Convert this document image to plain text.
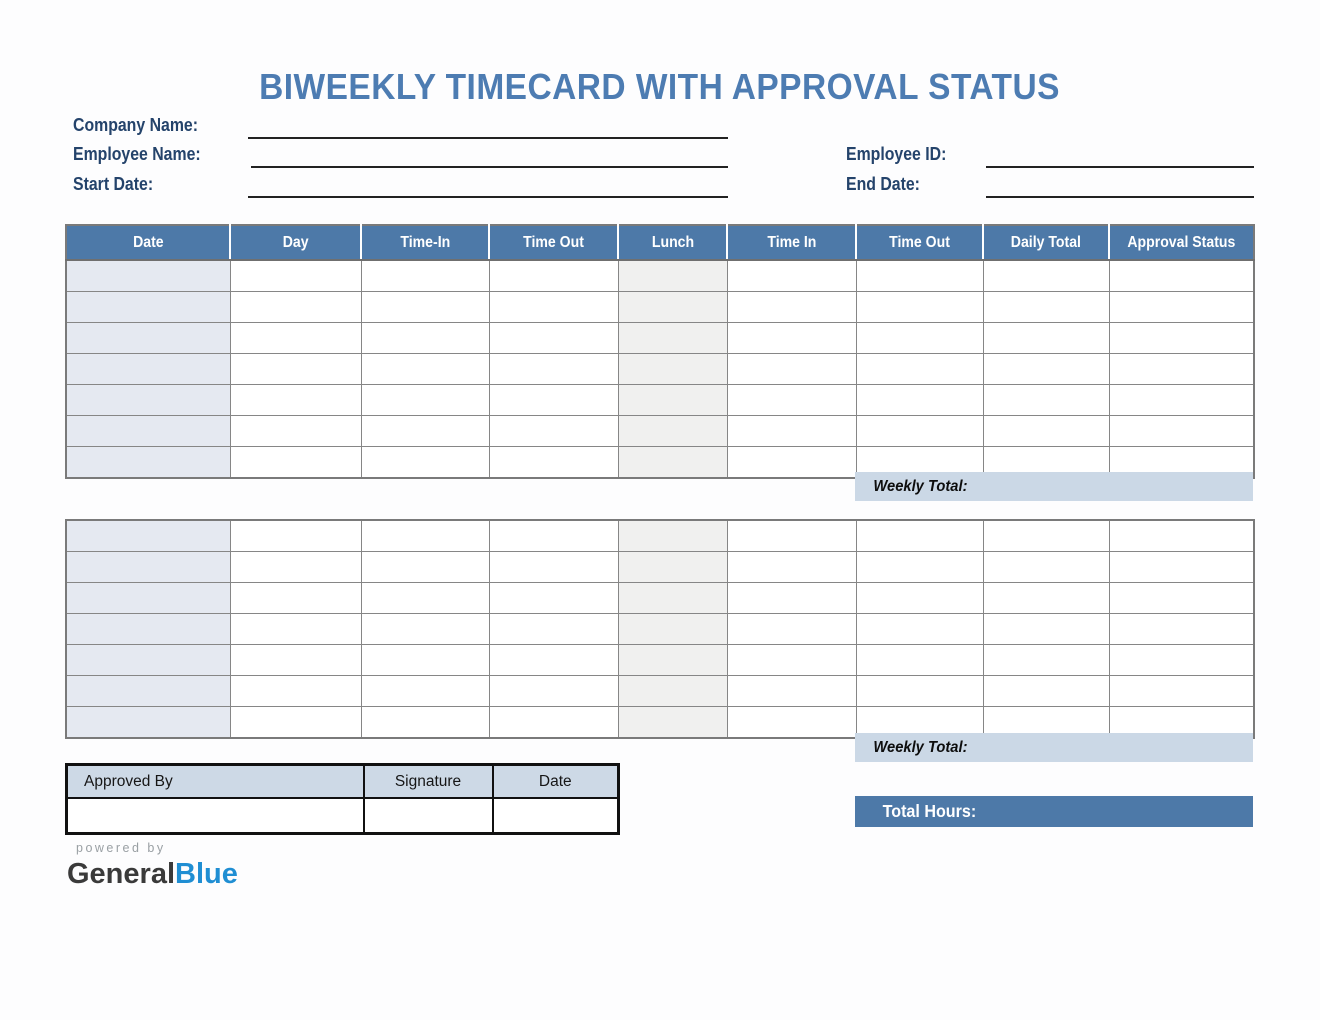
BIWEEKLY TIMECARD WITH APPROVAL STATUS
Company Name:
Employee Name:
Start Date:
Employee ID:
End Date:
Date	Day	Time-In	Time Out	Lunch	Time In	Time Out	Daily Total	Approval Status

Weekly Total:

Weekly Total:
Approved By	Signature	Date

Total Hours:
powered by
GeneralBlue
